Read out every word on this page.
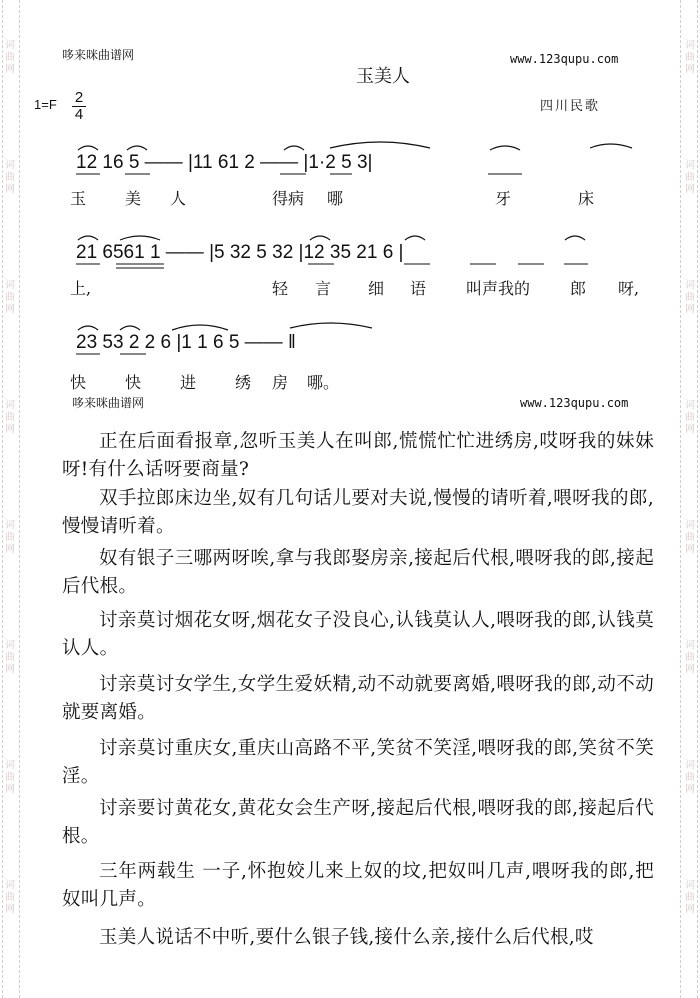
词
曲
网
词
曲
网
词
曲
网
词
曲
网
词
曲
网
词
曲
网
词
曲
网
词
曲
网
词
曲
网
词
曲
网
词
曲
网
词
曲
网
词
曲
网
词
曲
网
词
曲
网
词
曲
网
哆来咪曲谱网	www.123qupu.com
玉美人
1=F 2
4	四川民歌
12 16 5 —— |11 61 2 —— |1·2 5 3|
玉 美 人	得病 哪	牙	床
21 6561 1 —— |5 32 5 32 |12 35 21 6 |
上,	轻 言 细 语 叫声我的 郎 呀,
23 53 2 2 6 |1 1 6 5 —— ‖
快 快 进 绣 房 哪。
哆来咪曲谱网	www.123qupu.com
正在后面看报章,忽听玉美人在叫郎,慌慌忙忙进绣房,哎呀我的妹妹呀!有什么话呀要商量?
双手拉郎床边坐,奴有几句话儿要对夫说,慢慢的请听着,喂呀我的郎,慢慢请听着。
奴有银子三哪两呀唉,拿与我郎娶房亲,接起后代根,喂呀我的郎,接起后代根。
讨亲莫讨烟花女呀,烟花女子没良心,认钱莫认人,喂呀我的郎,认钱莫认人。
讨亲莫讨女学生,女学生爱妖精,动不动就要离婚,喂呀我的郎,动不动就要离婚。
讨亲莫讨重庆女,重庆山高路不平,笑贫不笑淫,喂呀我的郎,笑贫不笑淫。
讨亲要讨黄花女,黄花女会生产呀,接起后代根,喂呀我的郎,接起后代根。
三年两载生 一子,怀抱姣儿来上奴的坟,把奴叫几声,喂呀我的郎,把奴叫几声。
玉美人说话不中听,要什么银子钱,接什么亲,接什么后代根,哎
